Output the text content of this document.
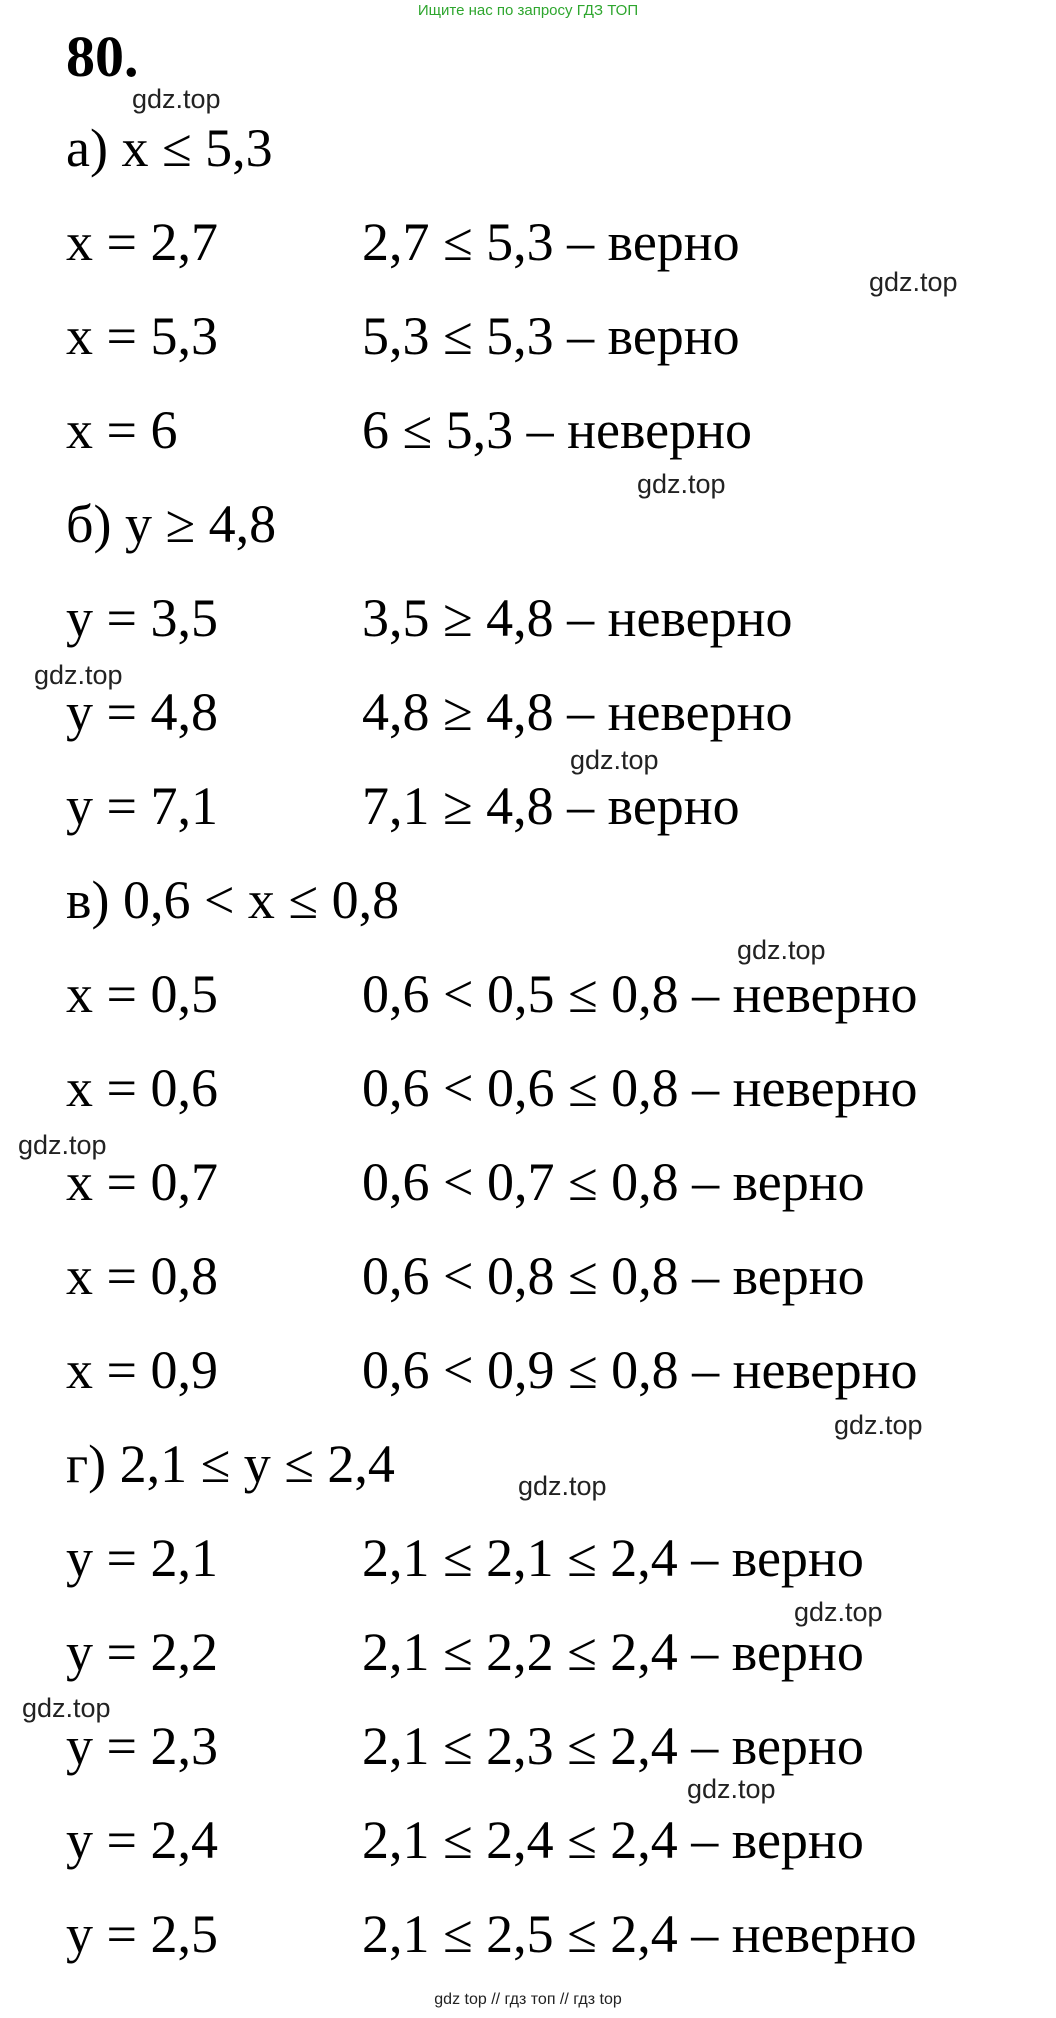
Ищите нас по запросу ГДЗ ТОП
80.
а) x ≤ 5,3
x = 2,7	2,7 ≤ 5,3 – верно
x = 5,3	5,3 ≤ 5,3 – верно
x = 6	6 ≤ 5,3 – неверно
б) y ≥ 4,8
y = 3,5	3,5 ≥ 4,8 – неверно
y = 4,8	4,8 ≥ 4,8 – неверно
y = 7,1	7,1 ≥ 4,8 – верно
в) 0,6 < x ≤ 0,8
x = 0,5	0,6 < 0,5 ≤ 0,8 – неверно
x = 0,6	0,6 < 0,6 ≤ 0,8 – неверно
x = 0,7	0,6 < 0,7 ≤ 0,8 – верно
x = 0,8	0,6 < 0,8 ≤ 0,8 – верно
x = 0,9	0,6 < 0,9 ≤ 0,8 – неверно
г) 2,1 ≤ y ≤ 2,4
y = 2,1	2,1 ≤ 2,1 ≤ 2,4 – верно
y = 2,2	2,1 ≤ 2,2 ≤ 2,4 – верно
y = 2,3	2,1 ≤ 2,3 ≤ 2,4 – верно
y = 2,4	2,1 ≤ 2,4 ≤ 2,4 – верно
y = 2,5	2,1 ≤ 2,5 ≤ 2,4 – неверно
gdz.top
gdz.top
gdz.top
gdz.top
gdz.top
gdz.top
gdz.top
gdz.top
gdz.top
gdz.top
gdz.top
gdz.top
gdz top // гдз топ // гдз top
